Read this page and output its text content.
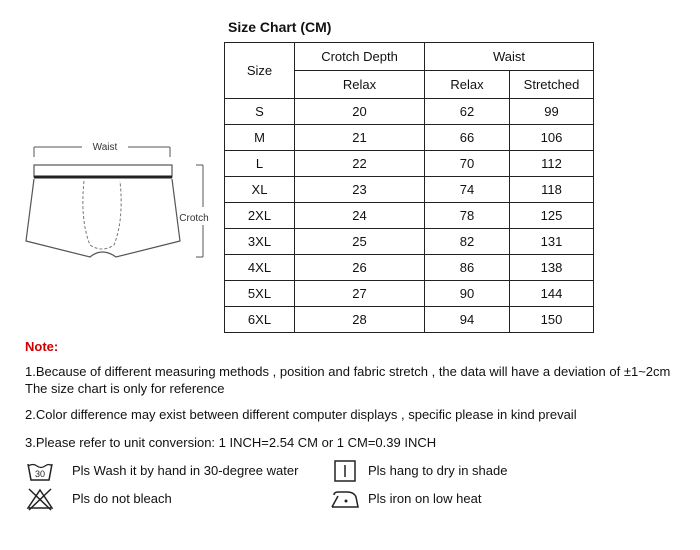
Size Chart (CM)
Size	Crotch Depth	Waist	
	Relax	Relax	Stretched
S	20	62	99
M	21	66	106
L	22	70	112
XL	23	74	118
2XL	24	78	125
3XL	25	82	131
4XL	26	86	138
5XL	27	90	144
6XL	28	94	150
Waist
Crotch
Note:
1.Because of different measuring methods , position and fabric stretch , the data will have a deviation of ±1~2cm
The size chart is only for reference
2.Color difference may exist between different computer displays , specific please in kind prevail
3.Please refer to unit conversion: 1 INCH=2.54 CM or 1 CM=0.39 INCH
30 Pls Wash it by hand in 30-degree water	Pls hang to dry in shade
Pls do not bleach	Pls iron on low heat
